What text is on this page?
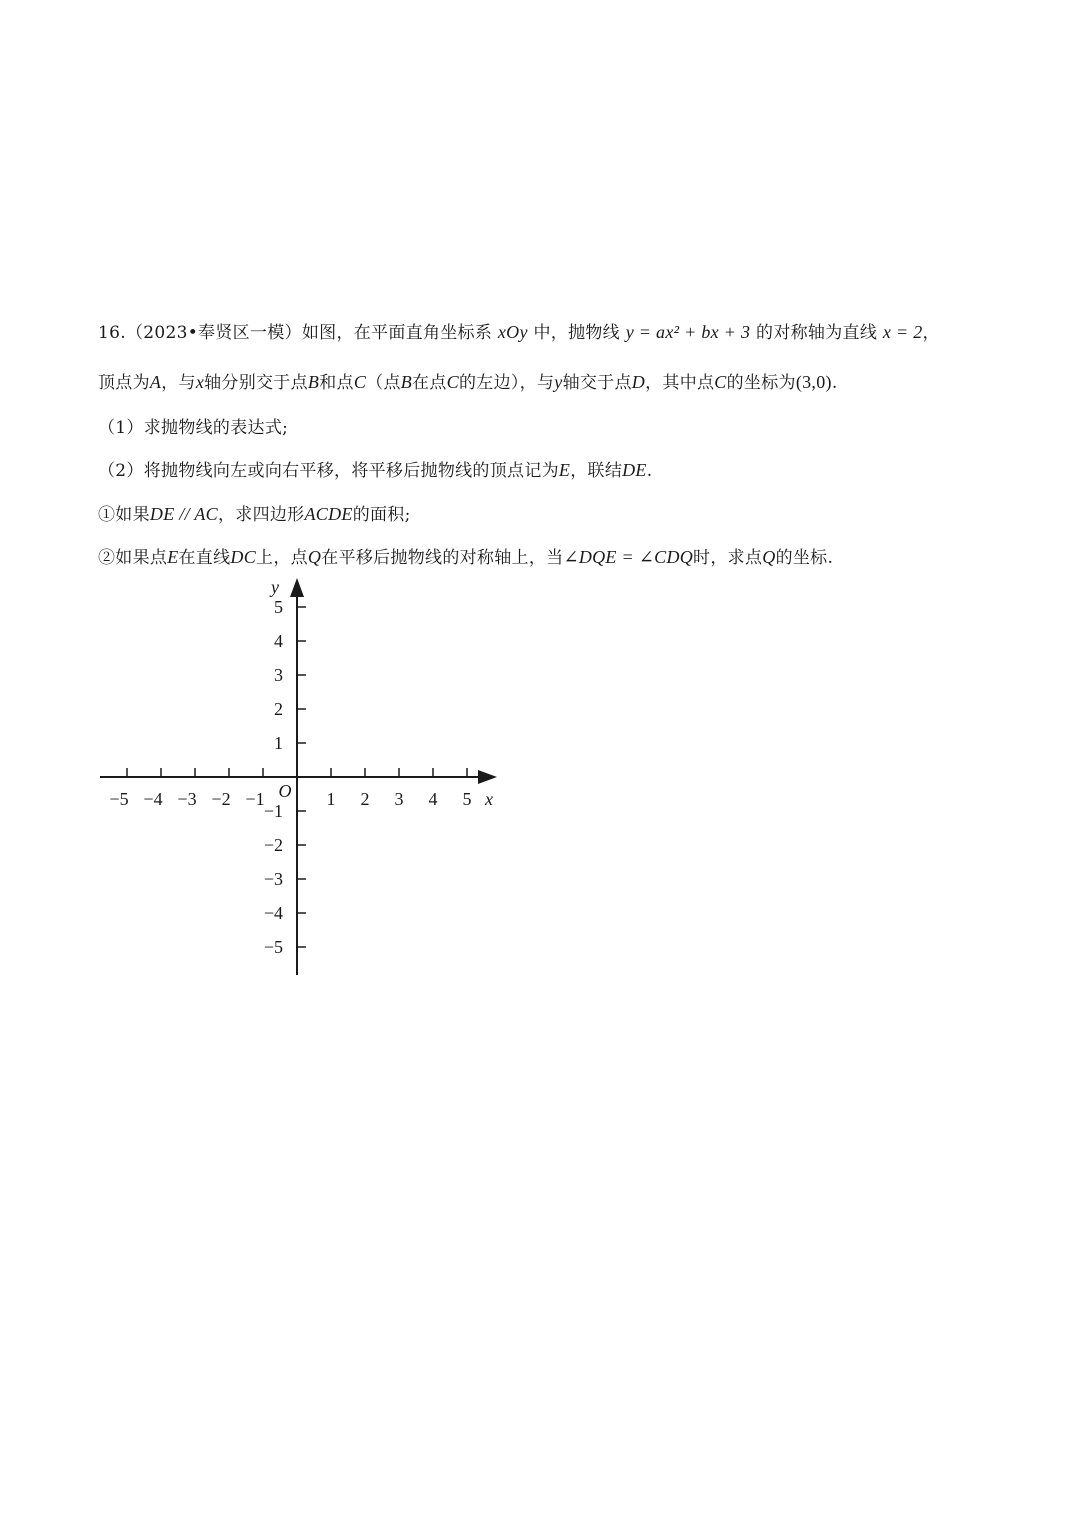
16.（2023•奉贤区一模）如图，在平面直角坐标系 xOy 中，抛物线 y = ax² + bx + 3 的对称轴为直线 x = 2，
顶点为A，与x轴分别交于点B和点C（点B在点C的左边），与y轴交于点D，其中点C的坐标为(3,0).
（1）求抛物线的表达式;
（2）将抛物线向左或向右平移，将平移后抛物线的顶点记为E，联结DE.
①如果DE // AC，求四边形ACDE的面积;
②如果点E在直线DC上，点Q在平移后抛物线的对称轴上，当∠DQE = ∠CDQ时，求点Q的坐标.
−5 −4 −3 −2 −1	1 2 3 4 5
5
4
3
2
1
−1
−2
−3
−4
−5
x
y
O
